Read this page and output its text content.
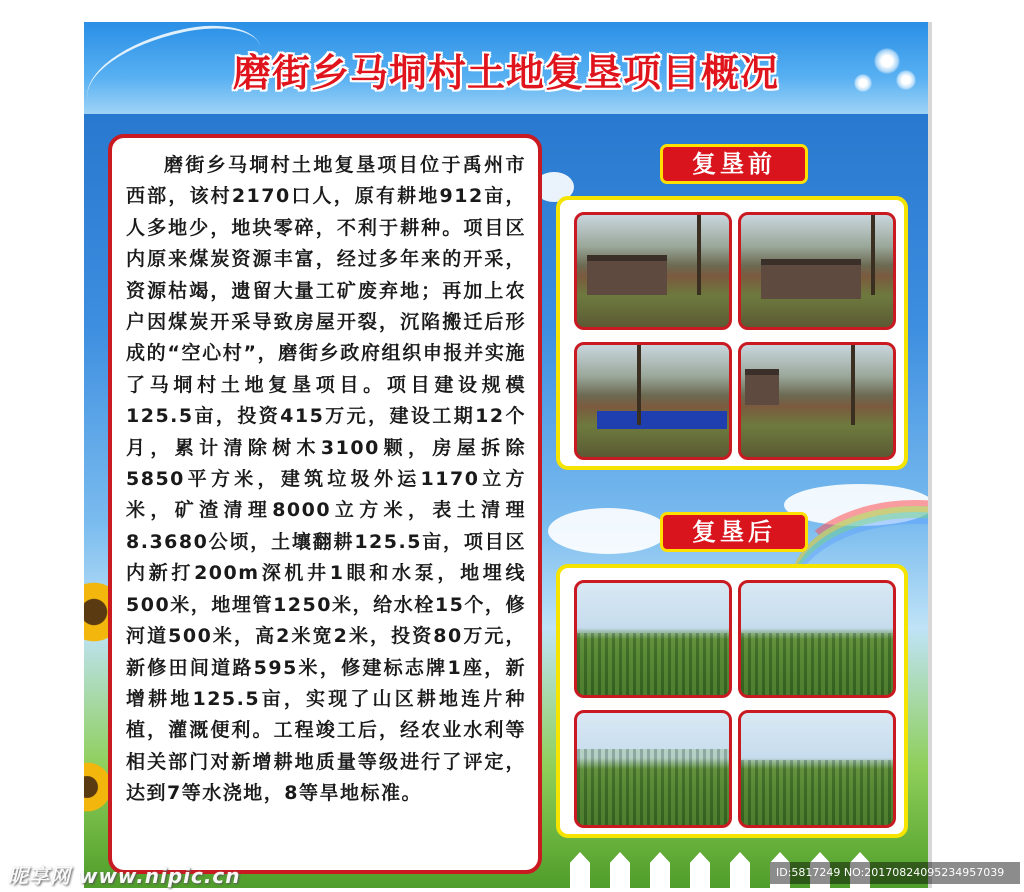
磨街乡马垌村土地复垦项目概况

磨街乡马垌村土地复垦项目位于禹州市西部，该村2170口人，原有耕地912亩，人多地少，地块零碎，不利于耕种。项目区内原来煤炭资源丰富，经过多年来的开采，资源枯竭，遗留大量工矿废弃地；再加上农户因煤炭开采导致房屋开裂，沉陷搬迁后形成的“空心村”，磨街乡政府组织申报并实施了马垌村土地复垦项目。项目建设规模125.5亩，投资415万元，建设工期12个月，累计清除树木3100颗，房屋拆除5850平方米，建筑垃圾外运1170立方米，矿渣清理8000立方米，表土清理8.3680公顷，土壤翻耕125.5亩，项目区内新打200m深机井1眼和水泵，地埋线500米，地埋管1250米，给水栓15个，修河道500米，高2米宽2米，投资80万元，新修田间道路595米，修建标志牌1座，新增耕地125.5亩，实现了山区耕地连片种植，灌溉便利。工程竣工后，经农业水利等相关部门对新增耕地质量等级进行了评定，达到7等水浇地，8等旱地标准。

复垦前
复垦后
昵享网 www.nipic.cn	ID:5817249 NO:20170824095234957039
